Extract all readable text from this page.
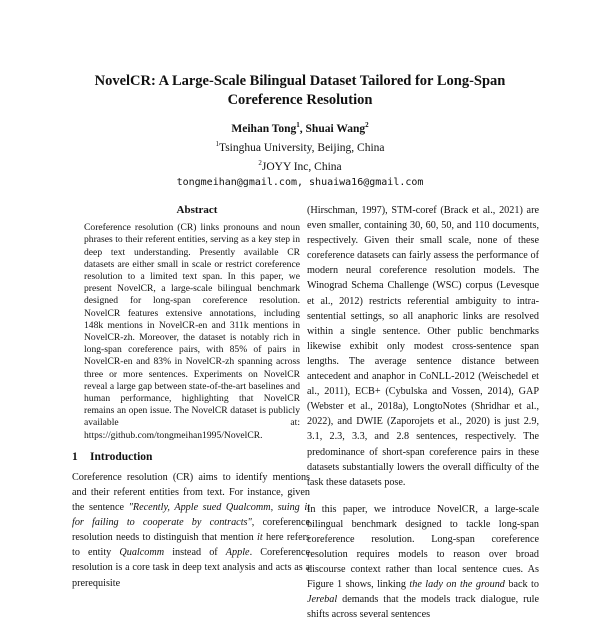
NovelCR: A Large-Scale Bilingual Dataset Tailored for Long-Span Coreference Resolution
Meihan Tong$^1$, Shuai Wang$^2$
$^1$Tsinghua University, Beijing, China
$^2$JOYY Inc, China
tongmeihan@gmail.com, shuaiwa16@gmail.com
Abstract
Coreference resolution (CR) links pronouns and noun phrases to their referent entities, serving as a key step in deep text understanding. Presently available CR datasets are either small in scale or restrict coreference resolution to a limited text span. In this paper, we present NovelCR, a large-scale bilingual benchmark designed for long-span coreference resolution. NovelCR features extensive annotations, including 148k mentions in NovelCR-en and 311k mentions in NovelCR-zh. Moreover, the dataset is notably rich in long-span coreference pairs, with 85% of pairs in NovelCR-en and 83% in NovelCR-zh spanning across three or more sentences. Experiments on NovelCR reveal a large gap between state-of-the-art baselines and human performance, highlighting that NovelCR remains an open issue. The NovelCR dataset is publicly available at: https://github.com/tongmeihan1995/NovelCR.
1 Introduction

Coreference resolution (CR) aims to identify mentions and their referent entities from text. For instance, given the sentence "Recently, Apple sued Qualcomm, suing it for failing to cooperate by contracts", coreference resolution needs to distinguish that mention it here refers to entity Qualcomm instead of Apple. Coreference resolution is a core task in deep text analysis and acts as a prerequisite

(Hirschman, 1997), STM-coref (Brack et al., 2021) are even smaller, containing 30, 60, 50, and 110 documents, respectively. Given their small scale, none of these coreference datasets can fairly assess the performance of modern neural coreference resolution models. The Winograd Schema Challenge (WSC) corpus (Levesque et al., 2012) restricts referential ambiguity to intra-sentential settings, so all anaphoric links are resolved within a single sentence. Other public benchmarks likewise exhibit only modest cross-sentence span lengths. The average sentence distance between antecedent and anaphor in CoNLL-2012 (Weischedel et al., 2011), ECB+ (Cybulska and Vossen, 2014), GAP (Webster et al., 2018a), LongtoNotes (Shridhar et al., 2022), and DWIE (Zaporojets et al., 2020) is just 2.9, 3.1, 2.3, 3.3, and 2.8 sentences, respectively. The predominance of short-span coreference pairs in these datasets substantially lowers the overall difficulty of the task these datasets pose.

In this paper, we introduce NovelCR, a large-scale bilingual benchmark designed to tackle long-span coreference resolution. Long-span coreference resolution requires models to reason over broad discourse context rather than local sentence cues. As Figure 1 shows, linking the lady on the ground back to Jerebal demands that the models track dialogue, rule shifts across several sentences
